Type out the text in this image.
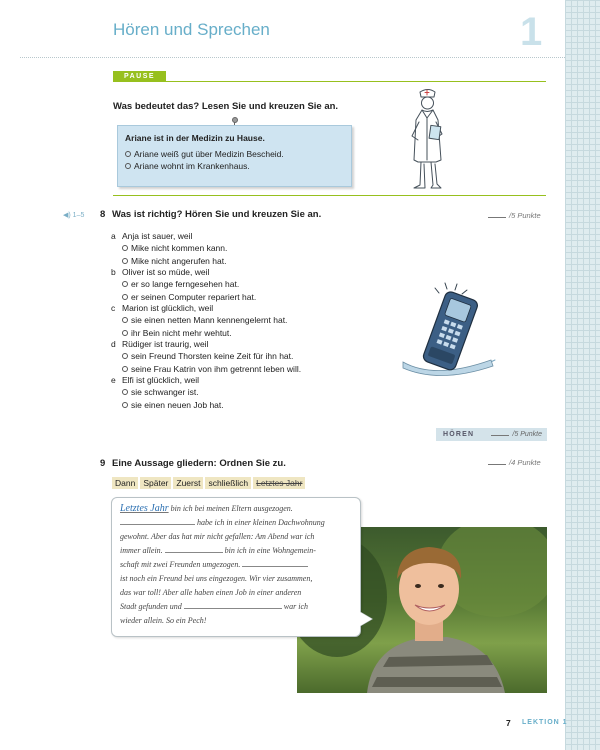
Hören und Sprechen	1
PAUSE
Was bedeutet das? Lesen Sie und kreuzen Sie an.
Ariane ist in der Medizin zu Hause.
Ariane weiß gut über Medizin Bescheid.
Ariane wohnt im Krankenhaus.
◀) 1–5 8 Was ist richtig? Hören Sie und kreuzen Sie an.	/5 Punkte
a Anja ist sauer, weil
Mike nicht kommen kann.
Mike nicht angerufen hat.
b Oliver ist so müde, weil
er so lange ferngesehen hat.
er seinen Computer repariert hat.
c Marion ist glücklich, weil
sie einen netten Mann kennengelernt hat.
ihr Bein nicht mehr wehtut.
d Rüdiger ist traurig, weil
sein Freund Thorsten keine Zeit für ihn hat.
seine Frau Katrin von ihm getrennt leben will.
e Elfi ist glücklich, weil
sie schwanger ist.
sie einen neuen Job hat.
HÖREN	/5 Punkte
9 Eine Aussage gliedern: Ordnen Sie zu.	/4 Punkte
Dann Später Zuerst schließlich Letztes Jahr
Letztes Jahr bin ich bei meinen Eltern ausgezogen.
habe ich in einer kleinen Dachwohnung
gewohnt. Aber das hat mir nicht gefallen: Am Abend war ich
immer allein.	bin ich in eine Wohngemein-
schaft mit zwei Freunden umgezogen.
ist noch ein Freund bei uns eingezogen. Wir vier zusammen,
das war toll! Aber alle haben einen Job in einer anderen
Stadt gefunden und	war ich
wieder allein. So ein Pech!
7 LEKTION 1
